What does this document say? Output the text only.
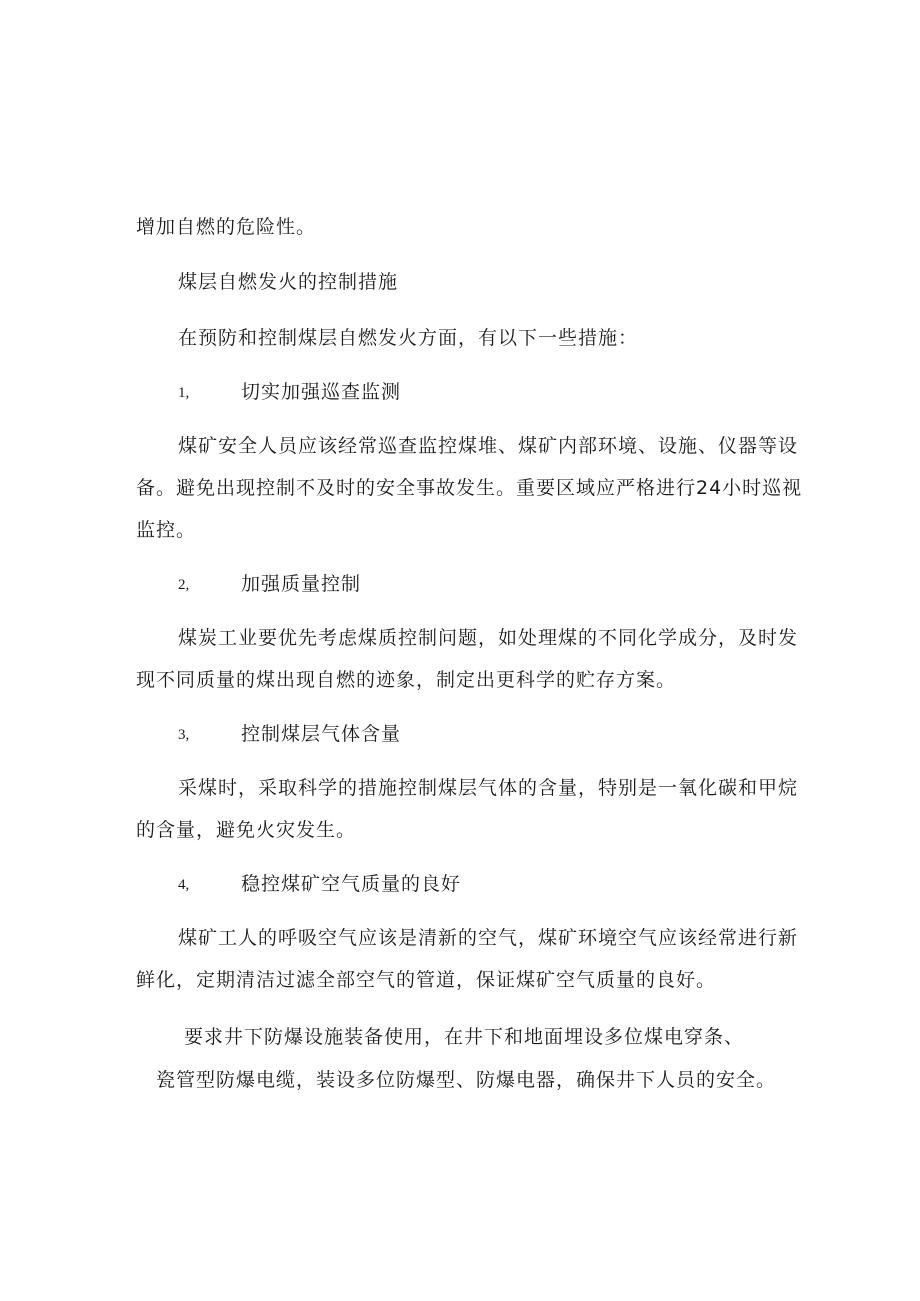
增加自燃的危险性。
煤层自燃发火的控制措施
在预防和控制煤层自燃发火方面，有以下一些措施：
1,	切实加强巡查监测
煤矿安全人员应该经常巡查监控煤堆、煤矿内部环境、设施、仪器等设
备。避免出现控制不及时的安全事故发生。重要区域应严格进行24小时巡视
监控。
2,	加强质量控制
煤炭工业要优先考虑煤质控制问题，如处理煤的不同化学成分，及时发
现不同质量的煤出现自燃的迹象，制定出更科学的贮存方案。
3,	控制煤层气体含量
采煤时，采取科学的措施控制煤层气体的含量，特别是一氧化碳和甲烷
的含量，避免火灾发生。
4,	稳控煤矿空气质量的良好
煤矿工人的呼吸空气应该是清新的空气，煤矿环境空气应该经常进行新
鲜化，定期清洁过滤全部空气的管道，保证煤矿空气质量的良好。
要求井下防爆设施装备使用，在井下和地面埋设多位煤电穿条、
瓷管型防爆电缆，装设多位防爆型、防爆电器，确保井下人员的安全。
